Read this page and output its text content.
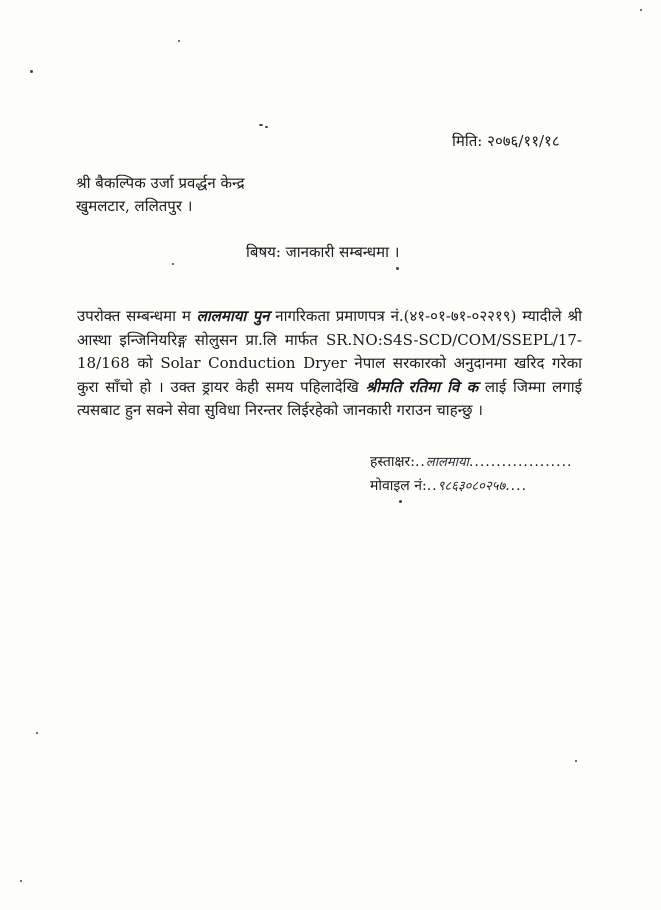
मिति: २०७६/११/१८
श्री बैकल्पिक उर्जा प्रवर्द्धन केन्द्र
खुमलटार, ललितपुर ।
बिषय: जानकारी सम्बन्धमा ।
उपरोक्त सम्बन्धमा म लालमाया पुन नागरिकता प्रमाणपत्र नं.(४१-०१-७१-०२२१९) म्यादीले श्री आस्था इन्जिनियरिङ्ग सोलुसन प्रा.लि मार्फत SR.NO:S4S-SCD/COM/SSEPL/17-18/168 को Solar Conduction Dryer नेपाल सरकारको अनुदानमा खरिद गरेका कुरा साँचो हो । उक्त ड्रायर केही समय पहिलादेखि श्रीमति रतिमा वि क लाई जिम्मा लगाई त्यसबाट हुन सक्ने सेवा सुविधा निरन्तर लिईरहेको जानकारी गराउन चाहन्छु ।
हस्ताक्षर:..लालमाया...................
मोवाइल नं:..९८६३०८०२५७....
